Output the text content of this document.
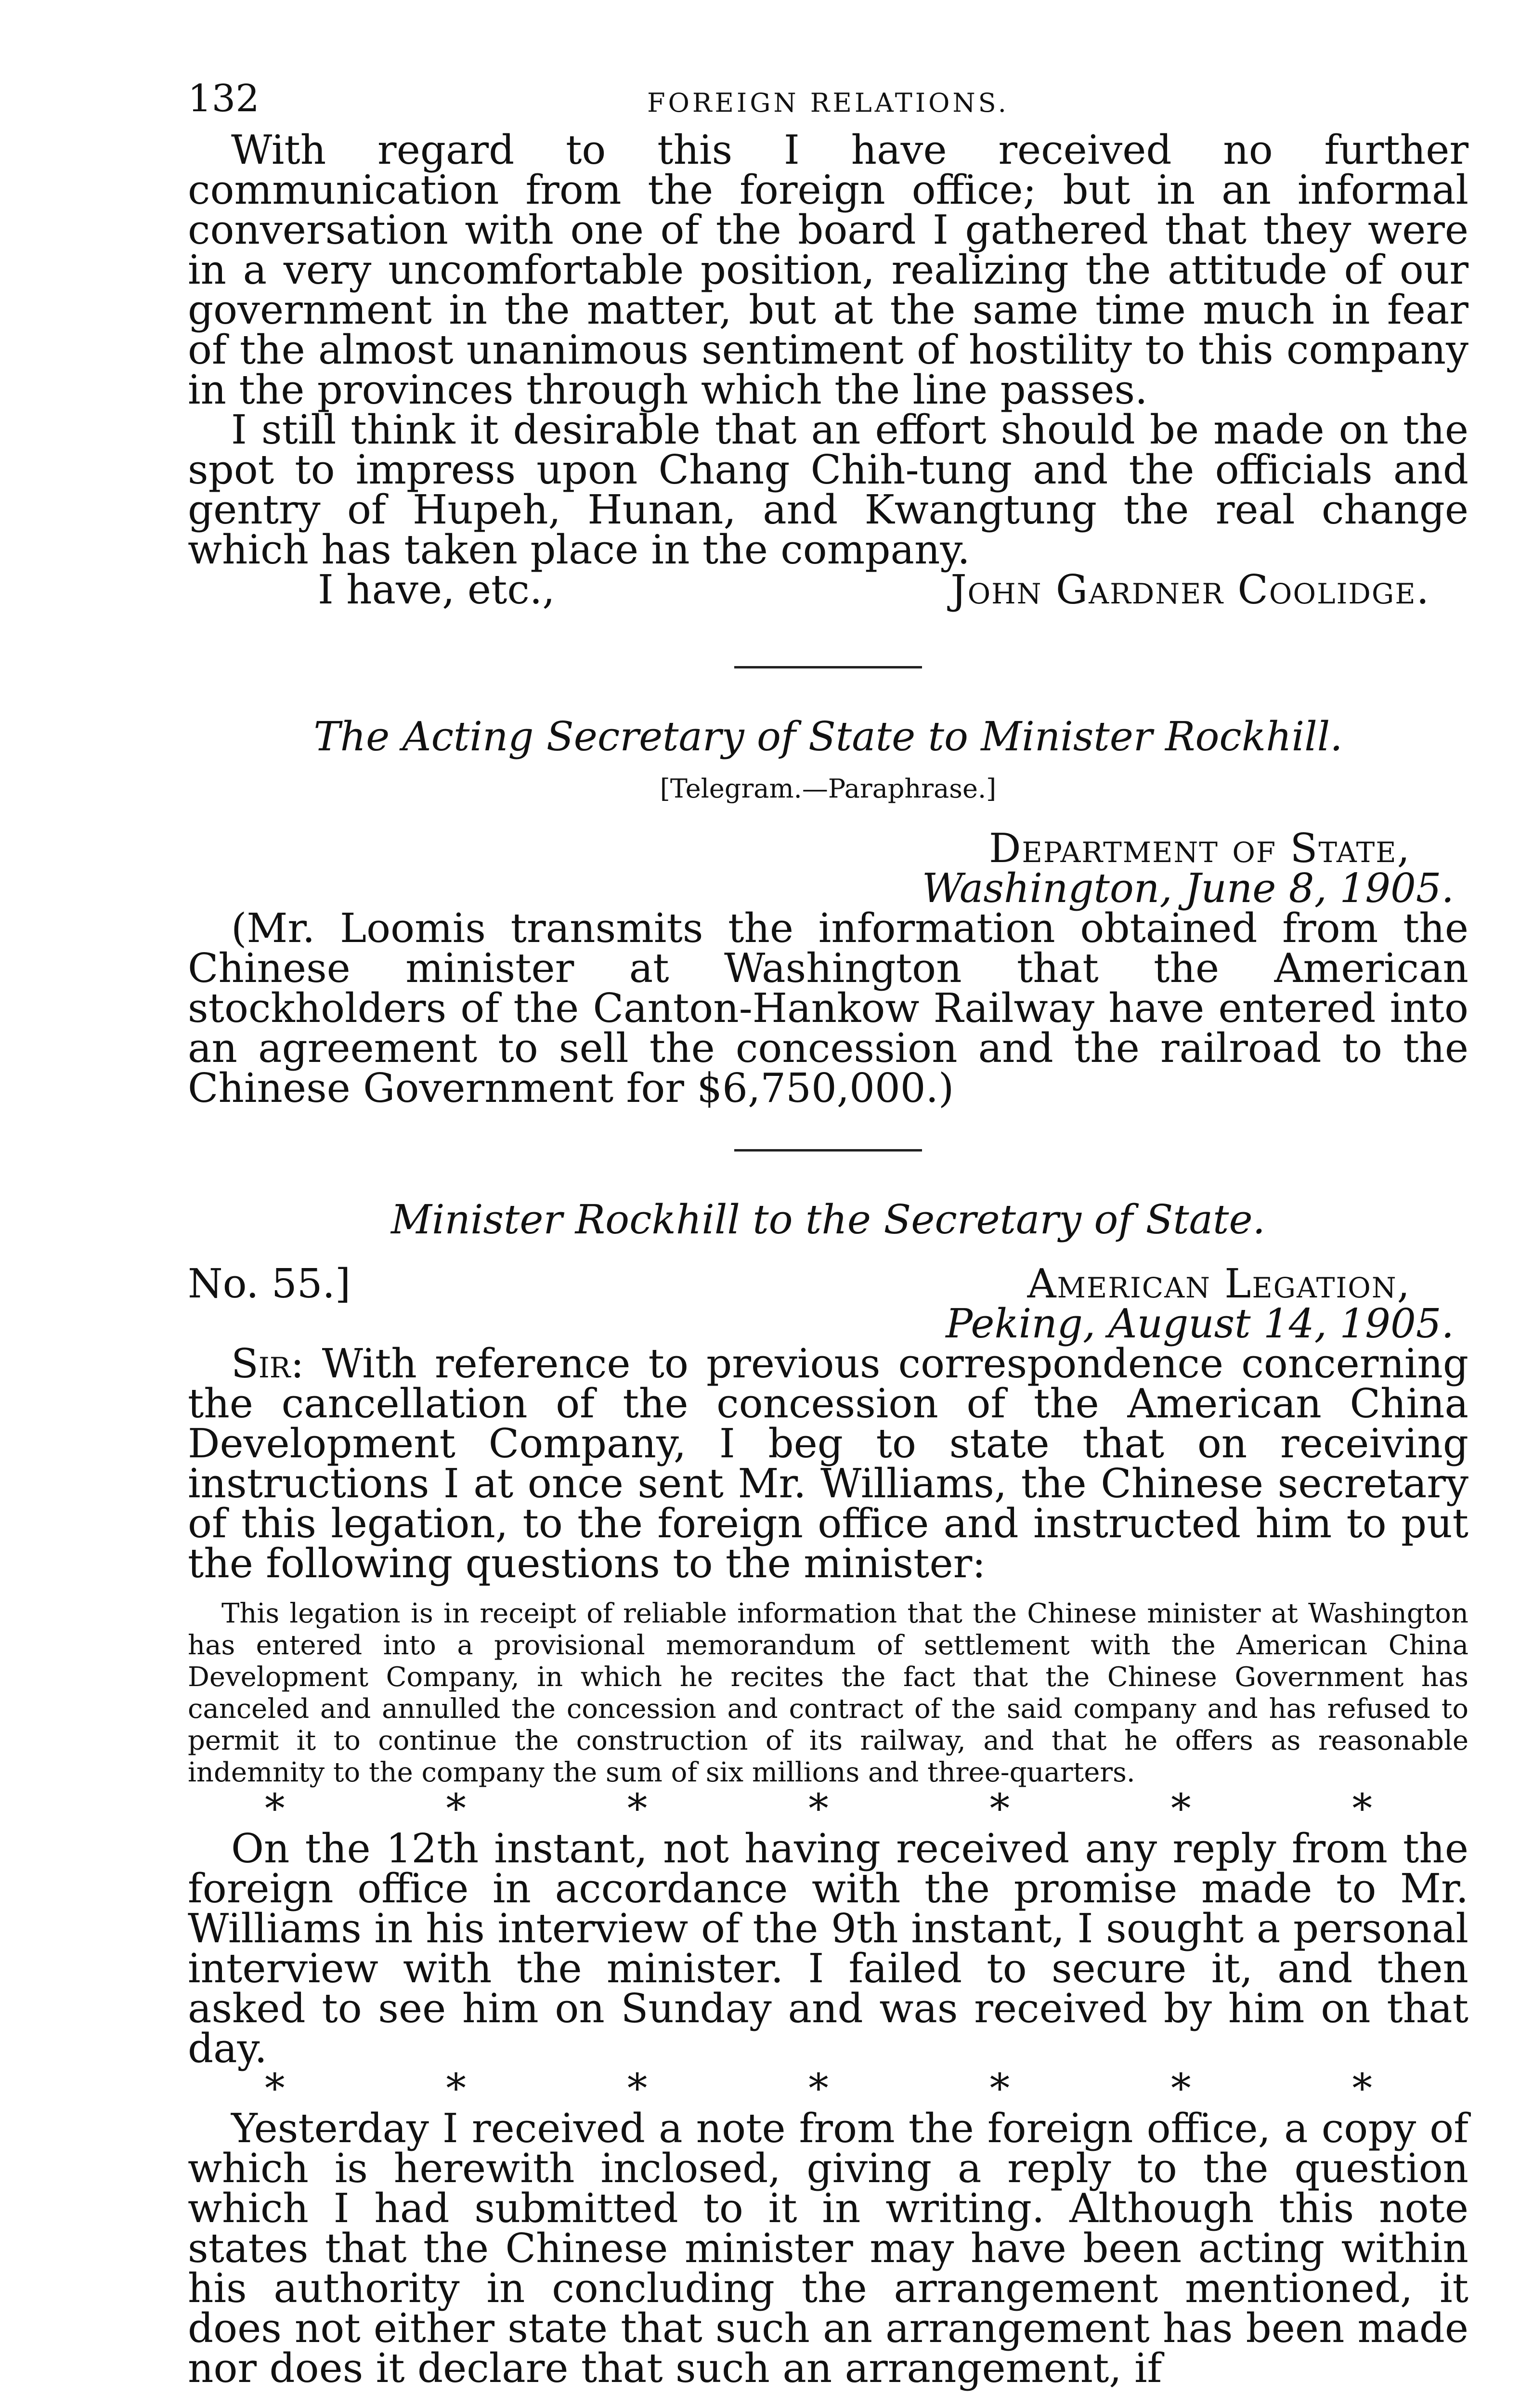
132	FOREIGN RELATIONS.

With regard to this I have received no further communication from the foreign office; but in an informal conversation with one of the board I gathered that they were in a very uncomfortable position, realizing the attitude of our government in the matter, but at the same time much in fear of the almost unanimous sentiment of hostility to this company in the provinces through which the line passes.

I still think it desirable that an effort should be made on the spot to impress upon Chang Chih-tung and the officials and gentry of Hupeh, Hunan, and Kwangtung the real change which has taken place in the company.

I have, etc.,	John Gardner Coolidge.
The Acting Secretary of State to Minister Rockhill.
[Telegram.—Paraphrase.]
Department of State,
Washington, June 8, 1905.

(Mr. Loomis transmits the information obtained from the Chinese minister at Washington that the American stockholders of the Canton-Hankow Railway have entered into an agreement to sell the concession and the railroad to the Chinese Government for $6,750,000.)

Minister Rockhill to the Secretary of State.
No. 55.]	American Legation,
Peking, August 14, 1905.

Sir: With reference to previous correspondence concerning the cancellation of the concession of the American China Development Company, I beg to state that on receiving instructions I at once sent Mr. Williams, the Chinese secretary of this legation, to the foreign office and instructed him to put the following questions to the minister:

This legation is in receipt of reliable information that the Chinese minister at Washington has entered into a provisional memorandum of settlement with the American China Development Company, in which he recites the fact that the Chinese Government has canceled and annulled the concession and contract of the said company and has refused to permit it to continue the construction of its railway, and that he offers as reasonable indemnity to the company the sum of six millions and three-quarters.

*	*	*	*	*	*	*

On the 12th instant, not having received any reply from the foreign office in accordance with the promise made to Mr. Williams in his interview of the 9th instant, I sought a personal interview with the minister. I failed to secure it, and then asked to see him on Sunday and was received by him on that day.

*	*	*	*	*	*	*

Yesterday I received a note from the foreign office, a copy of which is herewith inclosed, giving a reply to the question which I had submitted to it in writing. Although this note states that the Chinese minister may have been acting within his authority in concluding the arrangement mentioned, it does not either state that such an arrangement has been made nor does it declare that such an arrangement, if
